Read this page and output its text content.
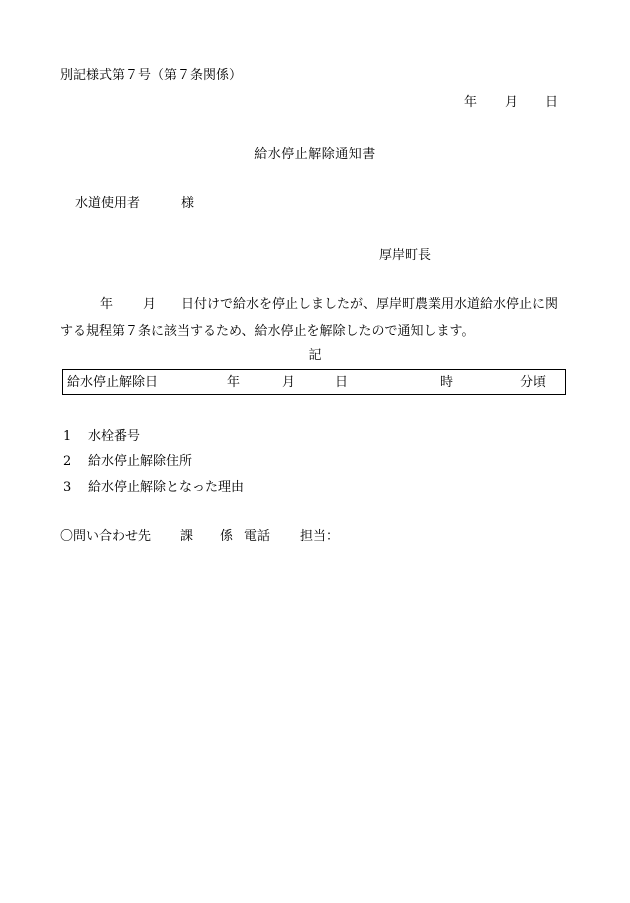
別記様式第７号（第７条関係）
年 月 日
給水停止解除通知書
水道使用者	様
厚岸町長
年 月 日付けで給水を停止しましたが、厚岸町農業用水道給水停止に関
する規程第７条に該当するため、給水停止を解除したので通知します。
記
給水停止解除日	年	月	日	時	分頃
1 水栓番号
2 給水停止解除住所
3 給水停止解除となった理由
〇問い合わせ先 課 係 電話 担当：
